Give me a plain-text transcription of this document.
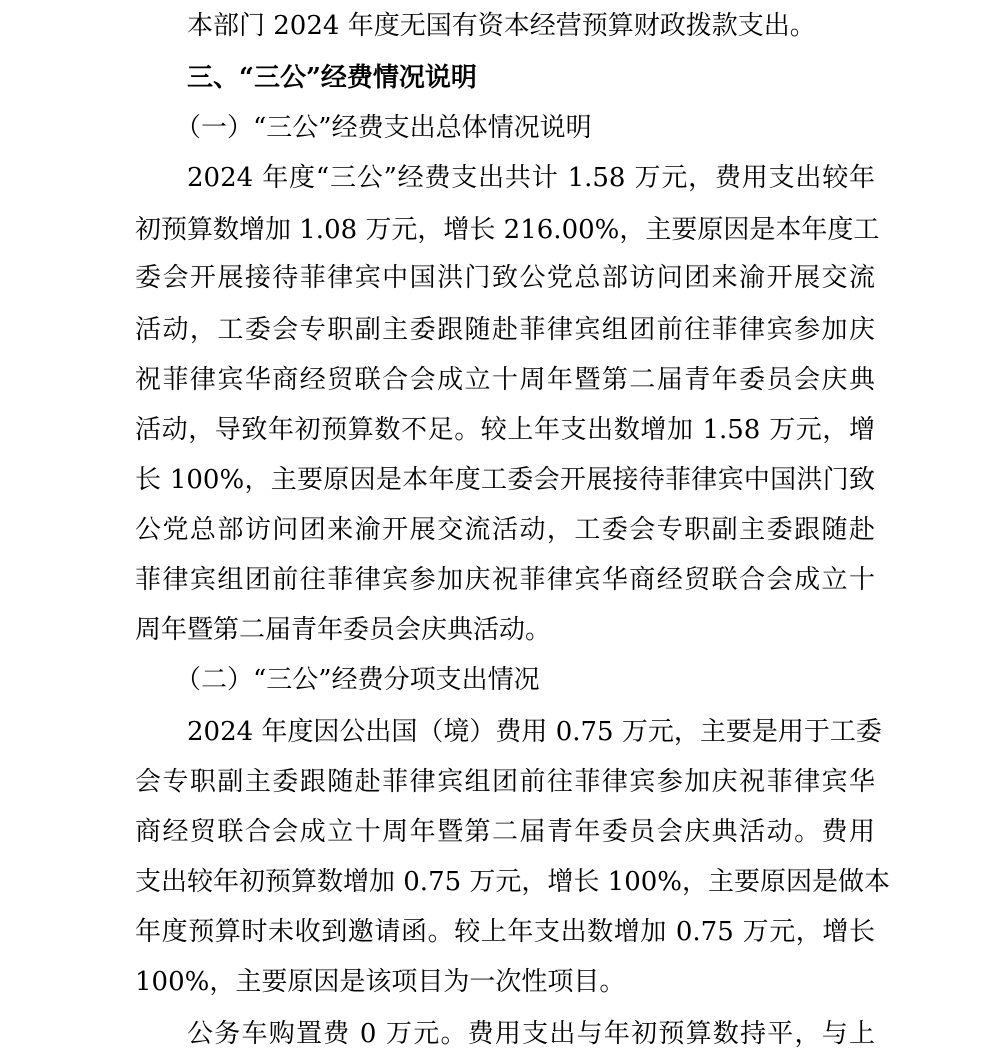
本部门 2024 年度无国有资本经营预算财政拨款支出。
三、“三公”经费情况说明
（一）“三公”经费支出总体情况说明
2024 年度“三公”经费支出共计 1.58 万元，费用支出较年
初预算数增加 1.08 万元，增长 216.00%，主要原因是本年度工
委会开展接待菲律宾中国洪门致公党总部访问团来渝开展交流
活动，工委会专职副主委跟随赴菲律宾组团前往菲律宾参加庆
祝菲律宾华商经贸联合会成立十周年暨第二届青年委员会庆典
活动，导致年初预算数不足。较上年支出数增加 1.58 万元，增
长 100%，主要原因是本年度工委会开展接待菲律宾中国洪门致
公党总部访问团来渝开展交流活动，工委会专职副主委跟随赴
菲律宾组团前往菲律宾参加庆祝菲律宾华商经贸联合会成立十
周年暨第二届青年委员会庆典活动。
（二）“三公”经费分项支出情况
2024 年度因公出国（境）费用 0.75 万元，主要是用于工委
会专职副主委跟随赴菲律宾组团前往菲律宾参加庆祝菲律宾华
商经贸联合会成立十周年暨第二届青年委员会庆典活动。费用
支出较年初预算数增加 0.75 万元，增长 100%，主要原因是做本
年度预算时未收到邀请函。较上年支出数增加 0.75 万元，增长
100%，主要原因是该项目为一次性项目。
公务车购置费 0 万元。费用支出与年初预算数持平，与上
